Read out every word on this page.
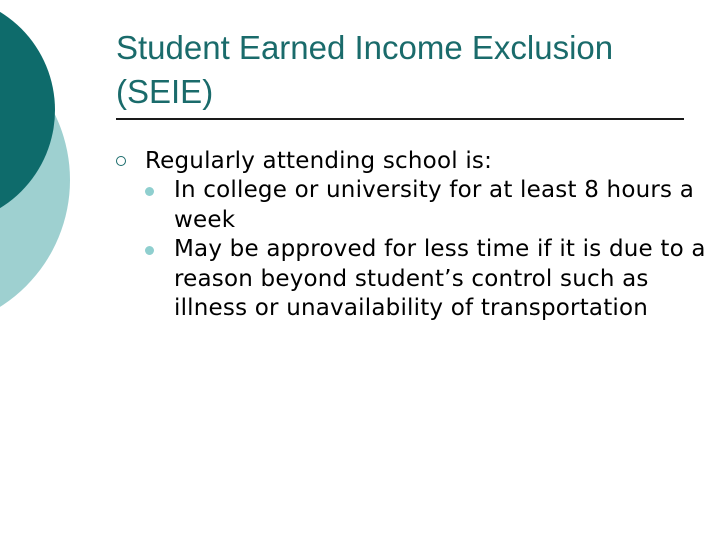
Student Earned Income Exclusion
(SEIE)
Regularly attending school is:
In college or university for at least 8 hours a week
May be approved for less time if it is due to a reason beyond student’s control such as illness or unavailability of transportation
